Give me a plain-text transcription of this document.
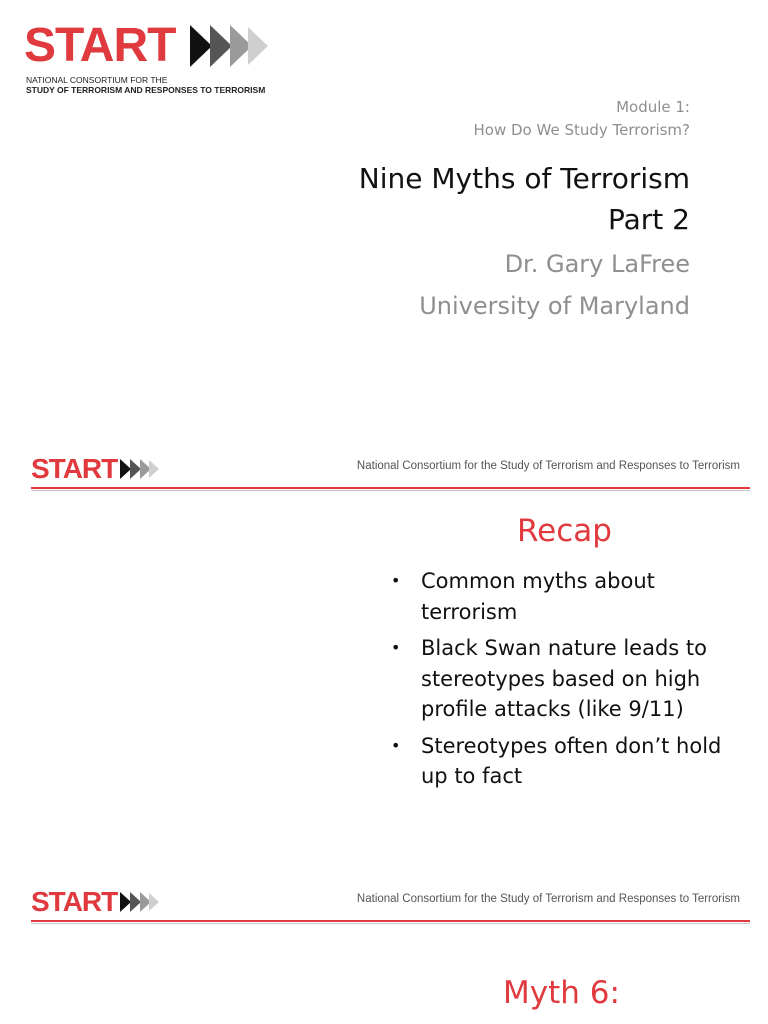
START
NATIONAL CONSORTIUM FOR THE
STUDY OF TERRORISM AND RESPONSES TO TERRORISM
Module 1:
How Do We Study Terrorism?
Nine Myths of Terrorism
Part 2
Dr. Gary LaFree
University of Maryland
START	National Consortium for the Study of Terrorism and Responses to Terrorism
Recap
• Common myths about terrorism
• Black Swan nature leads to stereotypes based on high profile attacks (like 9/11)
• Stereotypes often don’t hold up to fact
START	National Consortium for the Study of Terrorism and Responses to Terrorism
Myth 6:
